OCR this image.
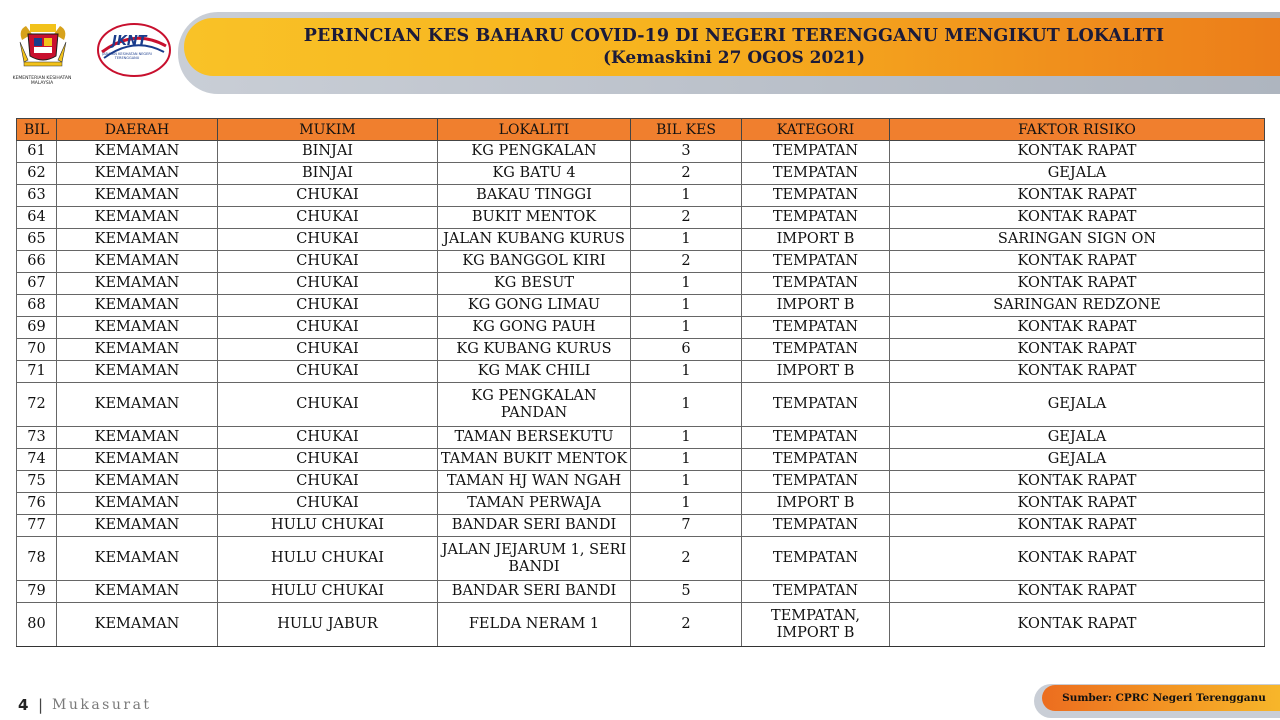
KEMENTERIAN KESIHATAN MALAYSIA
JKNT
JABATAN KESIHATAN NEGERI TERENGGANU
PERINCIAN KES BAHARU COVID-19 DI NEGERI TERENGGANU MENGIKUT LOKALITI
(Kemaskini 27 OGOS 2021)
BIL	DAERAH	MUKIM	LOKALITI	BIL KES	KATEGORI	FAKTOR RISIKO
61	KEMAMAN	BINJAI	KG PENGKALAN	3	TEMPATAN	KONTAK RAPAT
62	KEMAMAN	BINJAI	KG BATU 4	2	TEMPATAN	GEJALA
63	KEMAMAN	CHUKAI	BAKAU TINGGI	1	TEMPATAN	KONTAK RAPAT
64	KEMAMAN	CHUKAI	BUKIT MENTOK	2	TEMPATAN	KONTAK RAPAT
65	KEMAMAN	CHUKAI	JALAN KUBANG KURUS	1	IMPORT B	SARINGAN SIGN ON
66	KEMAMAN	CHUKAI	KG BANGGOL KIRI	2	TEMPATAN	KONTAK RAPAT
67	KEMAMAN	CHUKAI	KG BESUT	1	TEMPATAN	KONTAK RAPAT
68	KEMAMAN	CHUKAI	KG GONG LIMAU	1	IMPORT B	SARINGAN REDZONE
69	KEMAMAN	CHUKAI	KG GONG PAUH	1	TEMPATAN	KONTAK RAPAT
70	KEMAMAN	CHUKAI	KG KUBANG KURUS	6	TEMPATAN	KONTAK RAPAT
71	KEMAMAN	CHUKAI	KG MAK CHILI	1	IMPORT B	KONTAK RAPAT
72	KEMAMAN	CHUKAI	KG PENGKALAN PANDAN	1	TEMPATAN	GEJALA
73	KEMAMAN	CHUKAI	TAMAN BERSEKUTU	1	TEMPATAN	GEJALA
74	KEMAMAN	CHUKAI	TAMAN BUKIT MENTOK	1	TEMPATAN	GEJALA
75	KEMAMAN	CHUKAI	TAMAN HJ WAN NGAH	1	TEMPATAN	KONTAK RAPAT
76	KEMAMAN	CHUKAI	TAMAN PERWAJA	1	IMPORT B	KONTAK RAPAT
77	KEMAMAN	HULU CHUKAI	BANDAR SERI BANDI	7	TEMPATAN	KONTAK RAPAT
78	KEMAMAN	HULU CHUKAI	JALAN JEJARUM 1, SERI BANDI	2	TEMPATAN	KONTAK RAPAT
79	KEMAMAN	HULU CHUKAI	BANDAR SERI BANDI	5	TEMPATAN	KONTAK RAPAT
80	KEMAMAN	HULU JABUR	FELDA NERAM 1	2	TEMPATAN, IMPORT B	KONTAK RAPAT
4 | Mukasurat	Sumber: CPRC Negeri Terengganu
